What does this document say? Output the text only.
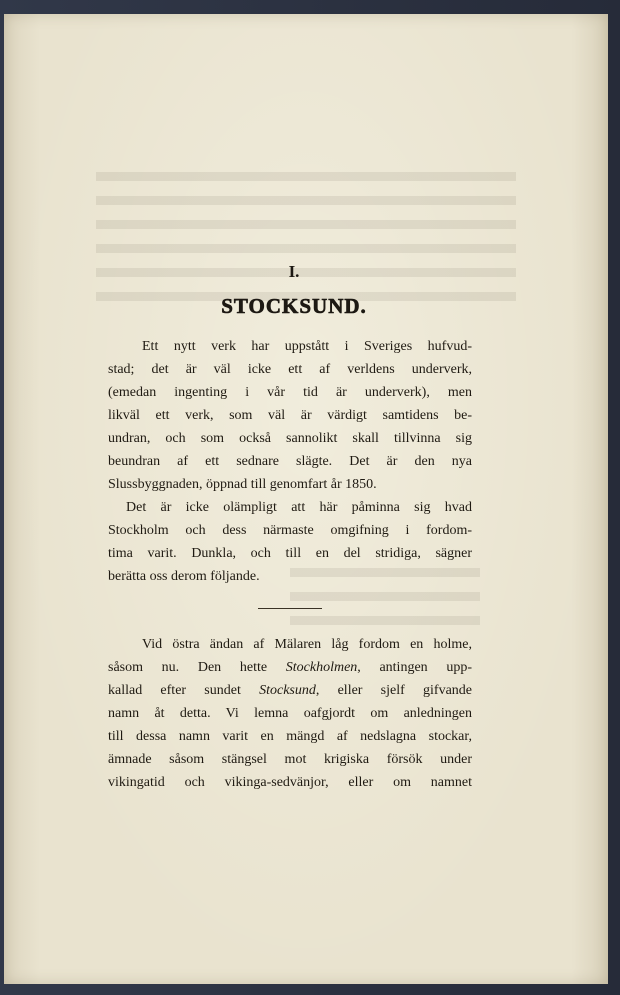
I.
STOCKSUND.
Ett nytt verk har uppstått i Sveriges hufvud-
stad; det är väl icke ett af verldens underverk,
(emedan ingenting i vår tid är underverk), men
likväl ett verk, som väl är värdigt samtidens be-
undran, och som också sannolikt skall tillvinna sig
beundran af ett sednare slägte. Det är den nya
Slussbyggnaden, öppnad till genomfart år 1850.
Det är icke olämpligt att här påminna sig hvad
Stockholm och dess närmaste omgifning i fordom-
tima varit. Dunkla, och till en del stridiga, sägner
berätta oss derom följande.
Vid östra ändan af Mälaren låg fordom en holme,
såsom nu. Den hette Stockholmen, antingen upp-
kallad efter sundet Stocksund, eller sjelf gifvande
namn åt detta. Vi lemna oafgjordt om anledningen
till dessa namn varit en mängd af nedslagna stockar,
ämnade såsom stängsel mot krigiska försök under
vikingatid och vikinga-sedvänjor, eller om namnet
